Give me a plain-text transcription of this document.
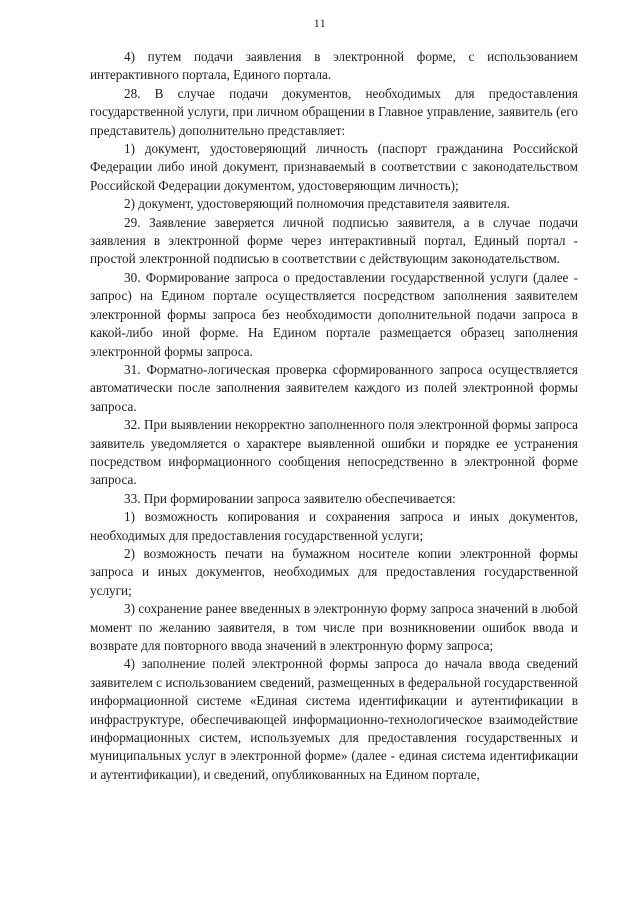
11

4) путем подачи заявления в электронной форме, с использованием интерактивного портала, Единого портала.

28. В случае подачи документов, необходимых для предоставления государственной услуги, при личном обращении в Главное управление, заявитель (его представитель) дополнительно представляет:

1) документ, удостоверяющий личность (паспорт гражданина Российской Федерации либо иной документ, признаваемый в соответствии с законодательством Российской Федерации документом, удостоверяющим личность);

2) документ, удостоверяющий полномочия представителя заявителя.

29. Заявление заверяется личной подписью заявителя, а в случае подачи заявления в электронной форме через интерактивный портал, Единый портал - простой электронной подписью в соответствии с действующим законодательством.

30. Формирование запроса о предоставлении государственной услуги (далее - запрос) на Едином портале осуществляется посредством заполнения заявителем электронной формы запроса без необходимости дополнительной подачи запроса в какой-либо иной форме. На Едином портале размещается образец заполнения электронной формы запроса.

31. Форматно-логическая проверка сформированного запроса осуществляется автоматически после заполнения заявителем каждого из полей электронной формы запроса.

32. При выявлении некорректно заполненного поля электронной формы запроса заявитель уведомляется о характере выявленной ошибки и порядке ее устранения посредством информационного сообщения непосредственно в электронной форме запроса.

33. При формировании запроса заявителю обеспечивается:

1) возможность копирования и сохранения запроса и иных документов, необходимых для предоставления государственной услуги;

2) возможность печати на бумажном носителе копии электронной формы запроса и иных документов, необходимых для предоставления государственной услуги;

3) сохранение ранее введенных в электронную форму запроса значений в любой момент по желанию заявителя, в том числе при возникновении ошибок ввода и возврате для повторного ввода значений в электронную форму запроса;

4) заполнение полей электронной формы запроса до начала ввода сведений заявителем с использованием сведений, размещенных в федеральной государственной информационной системе «Единая система идентификации и аутентификации в инфраструктуре, обеспечивающей информационно-технологическое взаимодействие информационных систем, используемых для предоставления государственных и муниципальных услуг в электронной форме» (далее - единая система идентификации и аутентификации), и сведений, опубликованных на Едином портале,
